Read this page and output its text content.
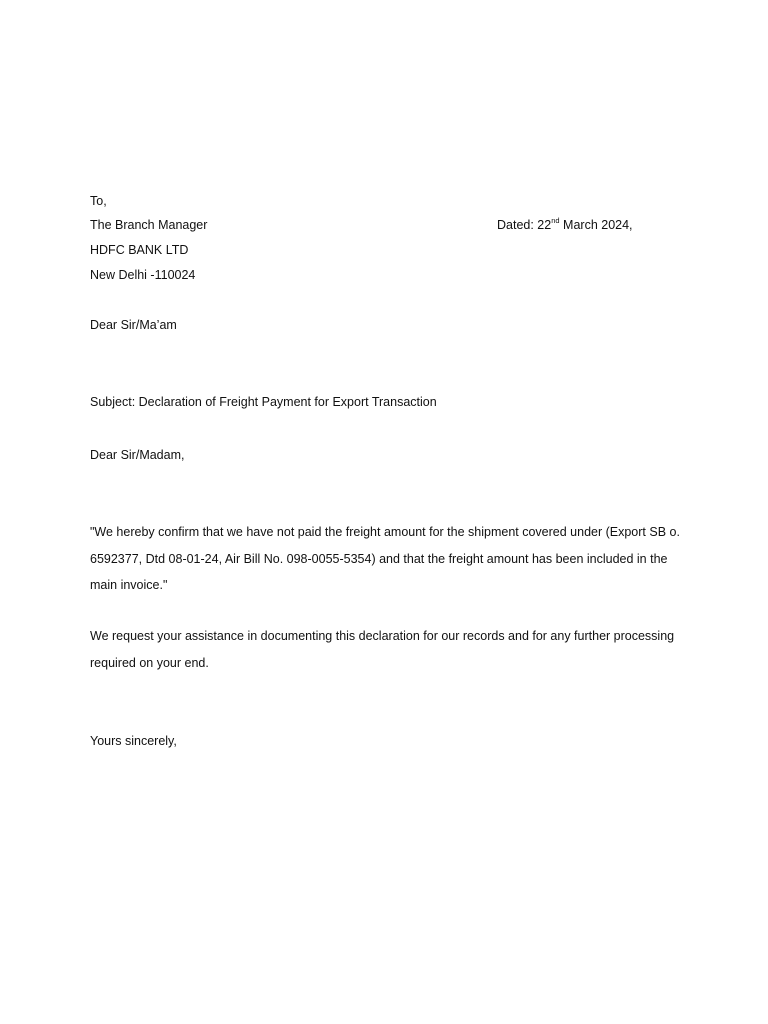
To,
The Branch Manager	Dated: 22nd March 2024,
HDFC BANK LTD
New Delhi -110024
Dear Sir/Ma’am
Subject: Declaration of Freight Payment for Export Transaction
Dear Sir/Madam,
"We hereby confirm that we have not paid the freight amount for the shipment covered under (Export SB o. 6592377, Dtd 08-01-24, Air Bill No. 098-0055-5354) and that the freight amount has been included in the main invoice."
We request your assistance in documenting this declaration for our records and for any further processing required on your end.
Yours sincerely,
